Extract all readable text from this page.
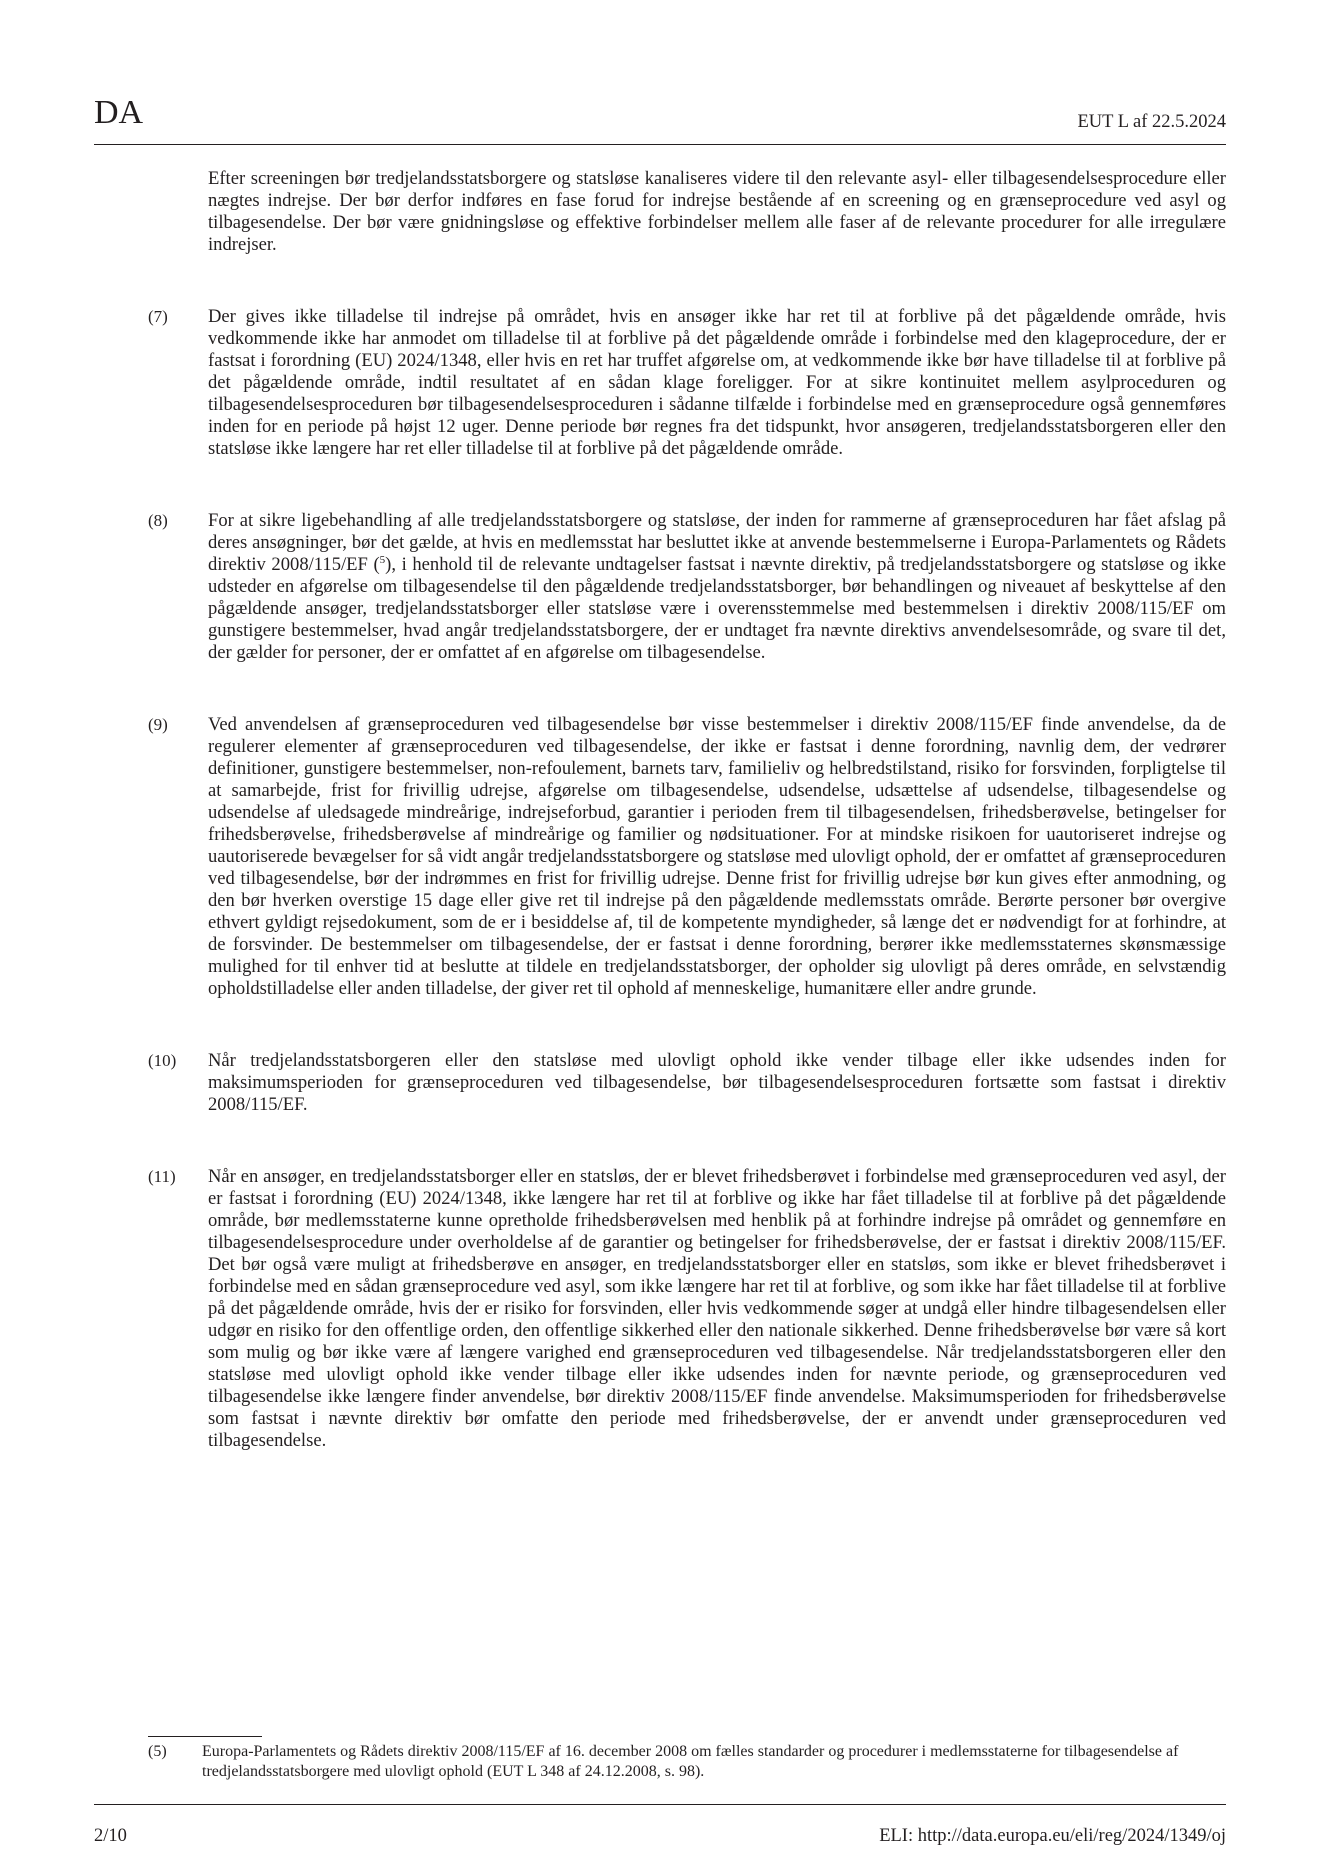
DA	EUT L af 22.5.2024

Efter screeningen bør tredjelandsstatsborgere og statsløse kanaliseres videre til den relevante asyl- eller tilbagesendelsesprocedure eller nægtes indrejse. Der bør derfor indføres en fase forud for indrejse bestående af en screening og en grænseprocedure ved asyl og tilbagesendelse. Der bør være gnidningsløse og effektive forbindelser mellem alle faser af de relevante procedurer for alle irregulære indrejser.

(7) Der gives ikke tilladelse til indrejse på området, hvis en ansøger ikke har ret til at forblive på det pågældende område, hvis vedkommende ikke har anmodet om tilladelse til at forblive på det pågældende område i forbindelse med den klageprocedure, der er fastsat i forordning (EU) 2024/1348, eller hvis en ret har truffet afgørelse om, at vedkommende ikke bør have tilladelse til at forblive på det pågældende område, indtil resultatet af en sådan klage foreligger. For at sikre kontinuitet mellem asylproceduren og tilbagesendelsesproceduren bør tilbagesendelsesproceduren i sådanne tilfælde i forbindelse med en grænseprocedure også gennemføres inden for en periode på højst 12 uger. Denne periode bør regnes fra det tidspunkt, hvor ansøgeren, tredjelandsstatsborgeren eller den statsløse ikke længere har ret eller tilladelse til at forblive på det pågældende område.
(8) For at sikre ligebehandling af alle tredjelandsstatsborgere og statsløse, der inden for rammerne af grænseproceduren har fået afslag på deres ansøgninger, bør det gælde, at hvis en medlemsstat har besluttet ikke at anvende bestemmelserne i Europa-Parlamentets og Rådets direktiv 2008/115/EF ($^5$), i henhold til de relevante undtagelser fastsat i nævnte direktiv, på tredjelandsstatsborgere og statsløse og ikke udsteder en afgørelse om tilbagesendelse til den pågældende tredjelandsstatsborger, bør behandlingen og niveauet af beskyttelse af den pågældende ansøger, tredjelandsstatsborger eller statsløse være i overensstemmelse med bestemmelsen i direktiv 2008/115/EF om gunstigere bestemmelser, hvad angår tredjelandsstatsborgere, der er undtaget fra nævnte direktivs anvendelsesområde, og svare til det, der gælder for personer, der er omfattet af en afgørelse om tilbagesendelse.
(9) Ved anvendelsen af grænseproceduren ved tilbagesendelse bør visse bestemmelser i direktiv 2008/115/EF finde anvendelse, da de regulerer elementer af grænseproceduren ved tilbagesendelse, der ikke er fastsat i denne forordning, navnlig dem, der vedrører definitioner, gunstigere bestemmelser, non-refoulement, barnets tarv, familieliv og helbredstilstand, risiko for forsvinden, forpligtelse til at samarbejde, frist for frivillig udrejse, afgørelse om tilbagesendelse, udsendelse, udsættelse af udsendelse, tilbagesendelse og udsendelse af uledsagede mindreårige, indrejseforbud, garantier i perioden frem til tilbagesendelsen, frihedsberøvelse, betingelser for frihedsberøvelse, frihedsberøvelse af mindreårige og familier og nødsituationer. For at mindske risikoen for uautoriseret indrejse og uautoriserede bevægelser for så vidt angår tredjelandsstatsborgere og statsløse med ulovligt ophold, der er omfattet af grænseproceduren ved tilbagesendelse, bør der indrømmes en frist for frivillig udrejse. Denne frist for frivillig udrejse bør kun gives efter anmodning, og den bør hverken overstige 15 dage eller give ret til indrejse på den pågældende medlemsstats område. Berørte personer bør overgive ethvert gyldigt rejsedokument, som de er i besiddelse af, til de kompetente myndigheder, så længe det er nødvendigt for at forhindre, at de forsvinder. De bestemmelser om tilbagesendelse, der er fastsat i denne forordning, berører ikke medlemsstaternes skønsmæssige mulighed for til enhver tid at beslutte at tildele en tredjelandsstatsborger, der opholder sig ulovligt på deres område, en selvstændig opholdstilladelse eller anden tilladelse, der giver ret til ophold af menneskelige, humanitære eller andre grunde.
(10) Når tredjelandsstatsborgeren eller den statsløse med ulovligt ophold ikke vender tilbage eller ikke udsendes inden for maksimumsperioden for grænseproceduren ved tilbagesendelse, bør tilbagesendelsesproceduren fortsætte som fastsat i direktiv 2008/115/EF.
(11) Når en ansøger, en tredjelandsstatsborger eller en statsløs, der er blevet frihedsberøvet i forbindelse med grænseproceduren ved asyl, der er fastsat i forordning (EU) 2024/1348, ikke længere har ret til at forblive og ikke har fået tilladelse til at forblive på det pågældende område, bør medlemsstaterne kunne opretholde frihedsberøvelsen med henblik på at forhindre indrejse på området og gennemføre en tilbagesendelsesprocedure under overholdelse af de garantier og betingelser for frihedsberøvelse, der er fastsat i direktiv 2008/115/EF. Det bør også være muligt at frihedsberøve en ansøger, en tredjelandsstatsborger eller en statsløs, som ikke er blevet frihedsberøvet i forbindelse med en sådan grænseprocedure ved asyl, som ikke længere har ret til at forblive, og som ikke har fået tilladelse til at forblive på det pågældende område, hvis der er risiko for forsvinden, eller hvis vedkommende søger at undgå eller hindre tilbagesendelsen eller udgør en risiko for den offentlige orden, den offentlige sikkerhed eller den nationale sikkerhed. Denne frihedsberøvelse bør være så kort som mulig og bør ikke være af længere varighed end grænseproceduren ved tilbagesendelse. Når tredjelandsstatsborgeren eller den statsløse med ulovligt ophold ikke vender tilbage eller ikke udsendes inden for nævnte periode, og grænseproceduren ved tilbagesendelse ikke længere finder anvendelse, bør direktiv 2008/115/EF finde anvendelse. Maksimumsperioden for frihedsberøvelse som fastsat i nævnte direktiv bør omfatte den periode med frihedsberøvelse, der er anvendt under grænseproceduren ved tilbagesendelse.
(5)	Europa-Parlamentets og Rådets direktiv 2008/115/EF af 16. december 2008 om fælles standarder og procedurer i medlemsstaterne for tilbagesendelse af tredjelandsstatsborgere med ulovligt ophold (EUT L 348 af 24.12.2008, s. 98).
2/10	ELI: http://data.europa.eu/eli/reg/2024/1349/oj
